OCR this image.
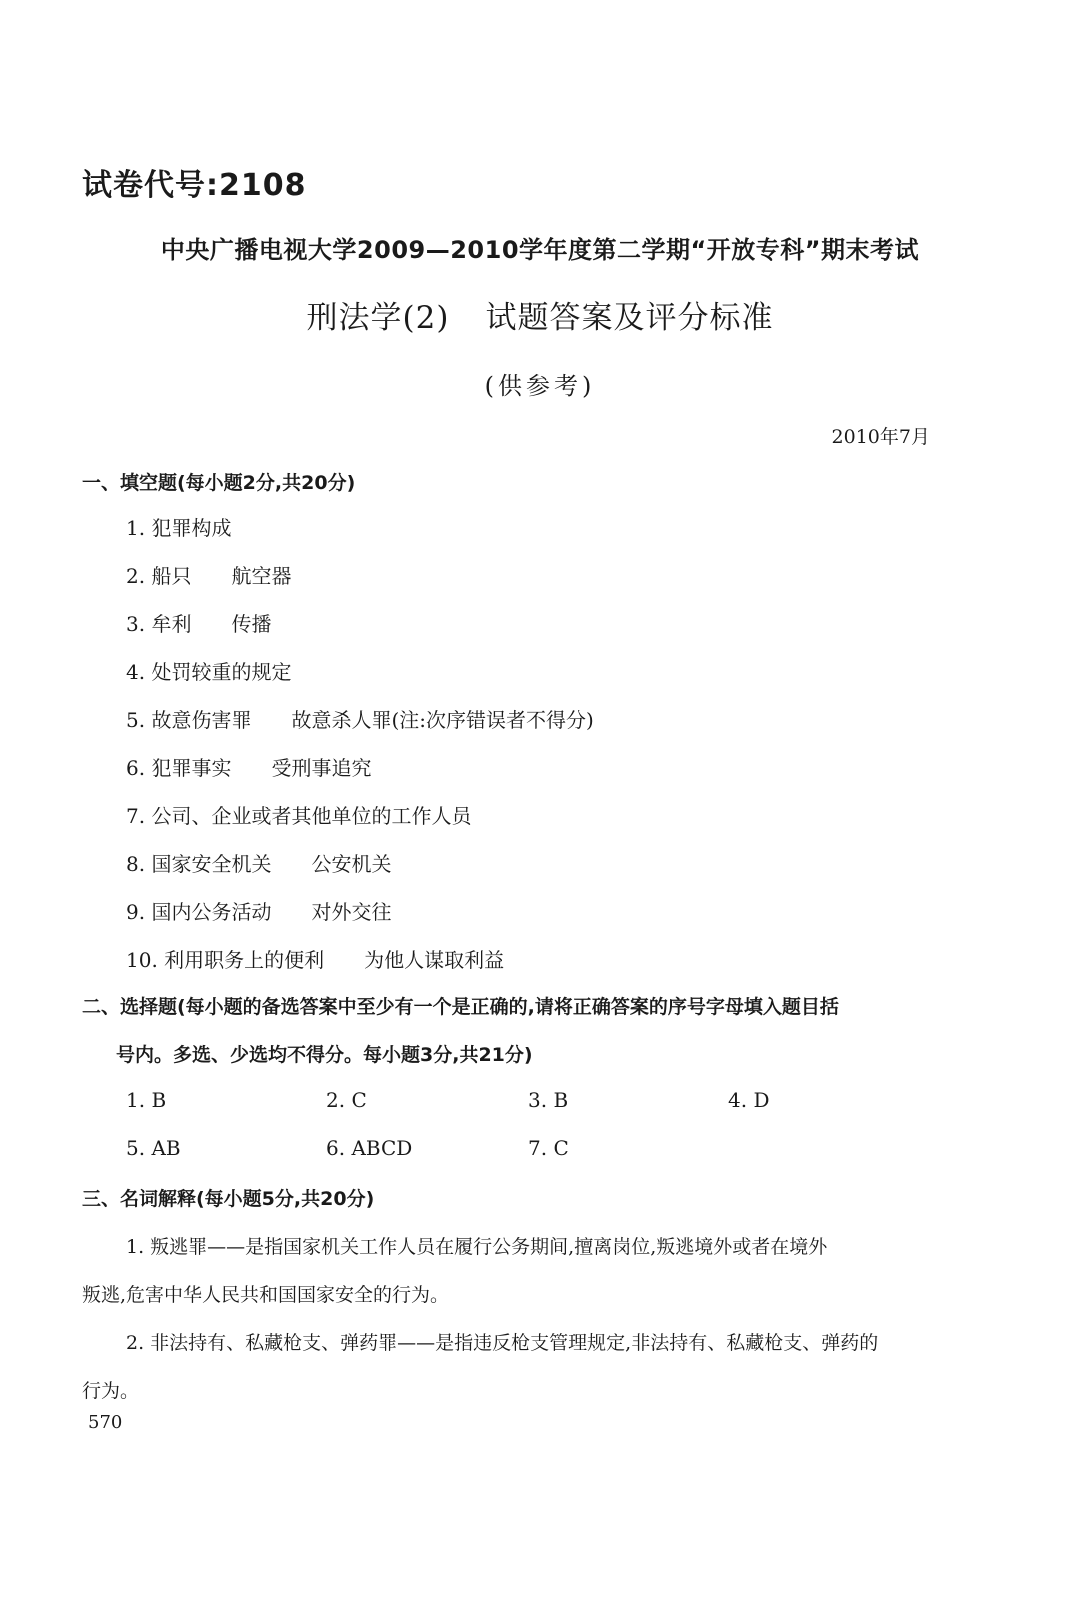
试卷代号:2108
中央广播电视大学2009—2010学年度第二学期“开放专科”期末考试
刑法学(2) 试题答案及评分标准
(供参考)
2010年7月
一、填空题(每小题2分,共20分)
1. 犯罪构成
2. 船只 航空器
3. 牟利 传播
4. 处罚较重的规定
5. 故意伤害罪 故意杀人罪(注:次序错误者不得分)
6. 犯罪事实 受刑事追究
7. 公司、企业或者其他单位的工作人员
8. 国家安全机关 公安机关
9. 国内公务活动 对外交往
10. 利用职务上的便利 为他人谋取利益
二、选择题(每小题的备选答案中至少有一个是正确的,请将正确答案的序号字母填入题目括
号内。多选、少选均不得分。每小题3分,共21分)
1. B	2. C	3. B	4. D
5. AB	6. ABCD	7. C
三、名词解释(每小题5分,共20分)
1. 叛逃罪——是指国家机关工作人员在履行公务期间,擅离岗位,叛逃境外或者在境外
叛逃,危害中华人民共和国国家安全的行为。
2. 非法持有、私藏枪支、弹药罪——是指违反枪支管理规定,非法持有、私藏枪支、弹药的
行为。
570
